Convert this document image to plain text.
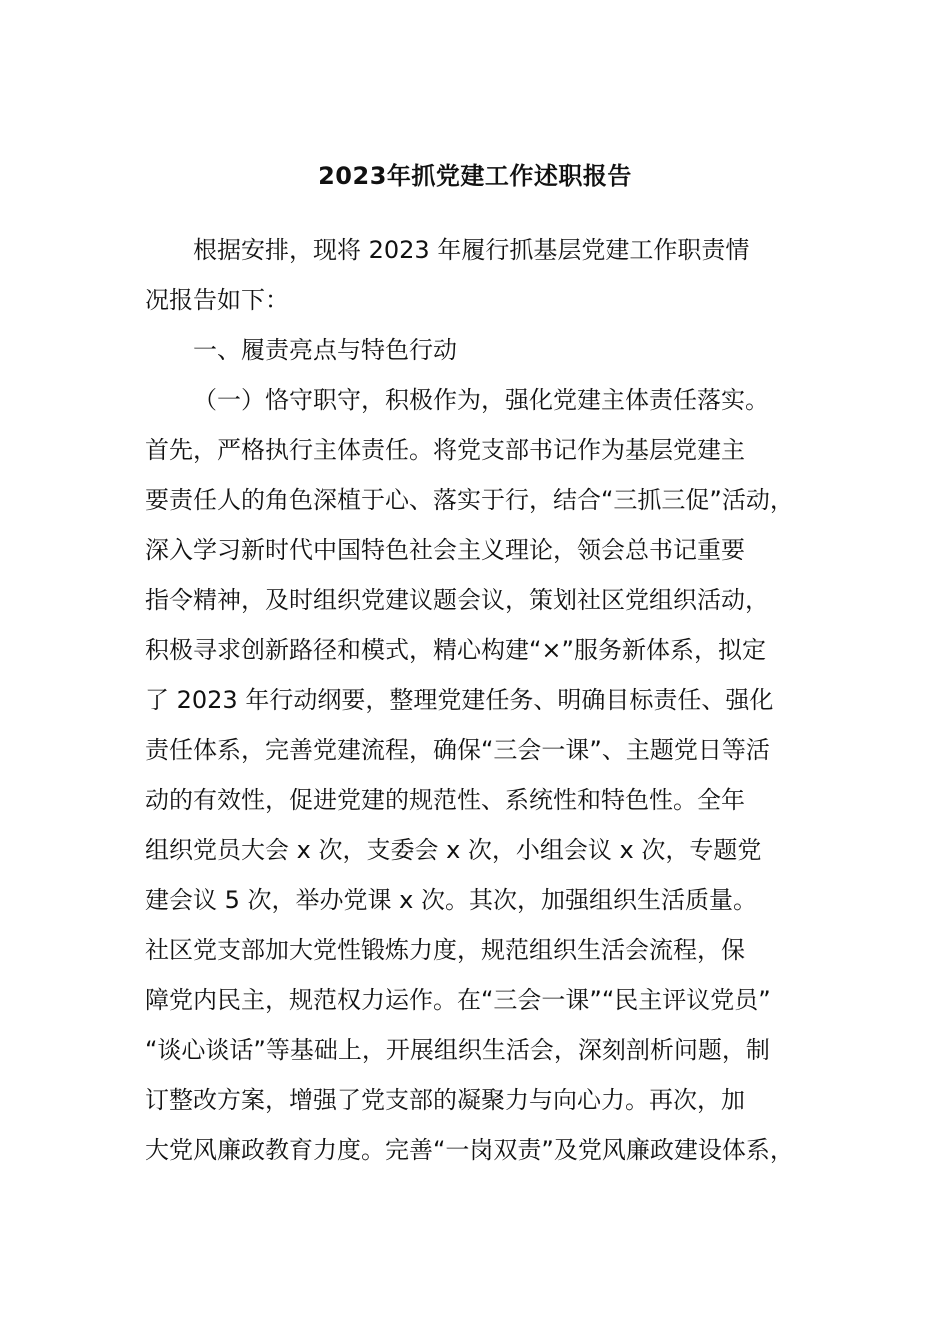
2023年抓党建工作述职报告
根据安排，现将 2023 年履行抓基层党建工作职责情
况报告如下：
一、履责亮点与特色行动
（一）恪守职守，积极作为，强化党建主体责任落实。
首先，严格执行主体责任。将党支部书记作为基层党建主
要责任人的角色深植于心、落实于行，结合“三抓三促”活动，
深入学习新时代中国特色社会主义理论，领会总书记重要
指令精神，及时组织党建议题会议，策划社区党组织活动，
积极寻求创新路径和模式，精心构建“×”服务新体系，拟定
了 2023 年行动纲要，整理党建任务、明确目标责任、强化
责任体系，完善党建流程，确保“三会一课”、主题党日等活
动的有效性，促进党建的规范性、系统性和特色性。全年
组织党员大会 x 次，支委会 x 次，小组会议 x 次，专题党
建会议 5 次，举办党课 x 次。其次，加强组织生活质量。
社区党支部加大党性锻炼力度，规范组织生活会流程，保
障党内民主，规范权力运作。在“三会一课”“民主评议党员”
“谈心谈话”等基础上，开展组织生活会，深刻剖析问题，制
订整改方案，增强了党支部的凝聚力与向心力。再次，加
大党风廉政教育力度。完善“一岗双责”及党风廉政建设体系，
